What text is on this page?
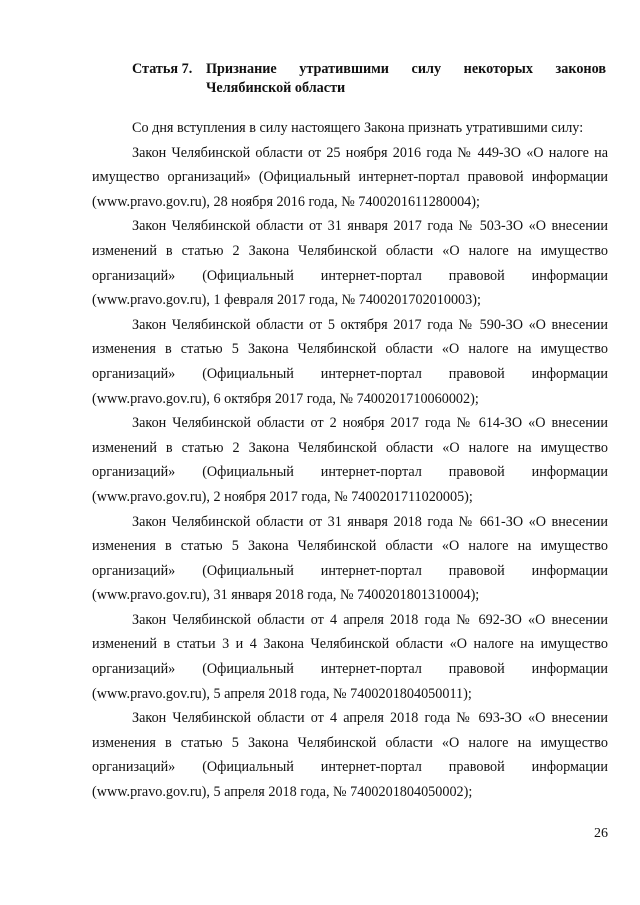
Статья 7. Признание утратившими силу некоторых законов Челябинской области

Со дня вступления в силу настоящего Закона признать утратившими силу:

Закон Челябинской области от 25 ноября 2016 года № 449-ЗО «О налоге на имущество организаций» (Официальный интернет-портал правовой информации (www.pravo.gov.ru), 28 ноября 2016 года, № 7400201611280004);

Закон Челябинской области от 31 января 2017 года № 503-ЗО «О внесении изменений в статью 2 Закона Челябинской области «О налоге на имущество организаций» (Официальный интернет-портал правовой информации (www.pravo.gov.ru), 1 февраля 2017 года, № 7400201702010003);

Закон Челябинской области от 5 октября 2017 года № 590-ЗО «О внесении изменения в статью 5 Закона Челябинской области «О налоге на имущество организаций» (Официальный интернет-портал правовой информации (www.pravo.gov.ru), 6 октября 2017 года, № 7400201710060002);

Закон Челябинской области от 2 ноября 2017 года № 614-ЗО «О внесении изменений в статью 2 Закона Челябинской области «О налоге на имущество организаций» (Официальный интернет-портал правовой информации (www.pravo.gov.ru), 2 ноября 2017 года, № 7400201711020005);

Закон Челябинской области от 31 января 2018 года № 661-ЗО «О внесении изменения в статью 5 Закона Челябинской области «О налоге на имущество организаций» (Официальный интернет-портал правовой информации (www.pravo.gov.ru), 31 января 2018 года, № 7400201801310004);

Закон Челябинской области от 4 апреля 2018 года № 692-ЗО «О внесении изменений в статьи 3 и 4 Закона Челябинской области «О налоге на имущество организаций» (Официальный интернет-портал правовой информации (www.pravo.gov.ru), 5 апреля 2018 года, № 7400201804050011);

Закон Челябинской области от 4 апреля 2018 года № 693-ЗО «О внесении изменения в статью 5 Закона Челябинской области «О налоге на имущество организаций» (Официальный интернет-портал правовой информации (www.pravo.gov.ru), 5 апреля 2018 года, № 7400201804050002);

26
